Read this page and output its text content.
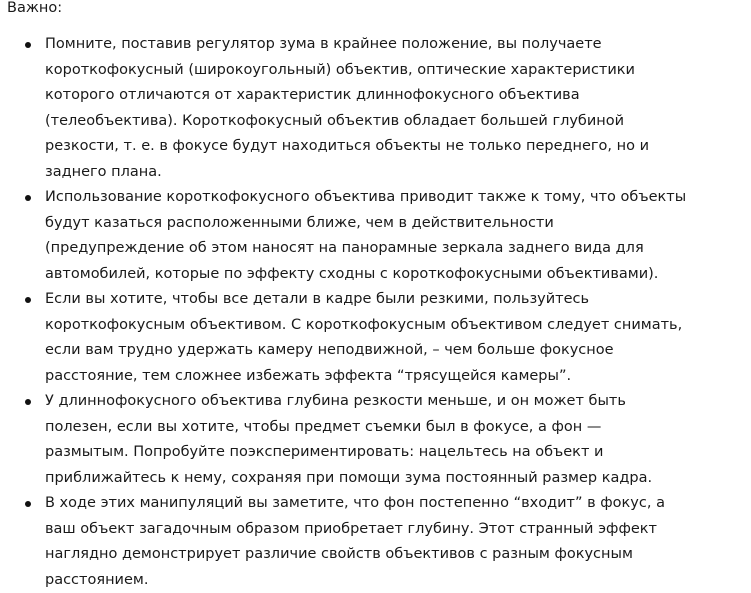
Важно:

Помните, поставив регулятор зума в крайнее положение, вы получаете короткофокусный (широкоугольный) объектив, оптические характеристики которого отличаются от характеристик длиннофокусного объектива (телеобъектива). Короткофокусный объектив обладает большей глубиной резкости, т. е. в фокусе будут находиться объекты не только переднего, но и заднего плана.
Использование короткофокусного объектива приводит также к тому, что объекты будут казаться расположенными ближе, чем в действительности (предупреждение об этом наносят на панорамные зеркала заднего вида для автомобилей, которые по эффекту сходны с короткофокусными объективами).
Если вы хотите, чтобы все детали в кадре были резкими, пользуйтесь короткофокусным объективом. С короткофокусным объективом следует снимать, если вам трудно удержать камеру неподвижной, – чем больше фокусное расстояние, тем сложнее избежать эффекта “трясущейся камеры”.
У длиннофокусного объектива глубина резкости меньше, и он может быть полезен, если вы хотите, чтобы предмет съемки был в фокусе, а фон — размытым. Попробуйте поэкспериментировать: нацельтесь на объект и приближайтесь к нему, сохраняя при помощи зума постоянный размер кадра.
В ходе этих манипуляций вы заметите, что фон постепенно “входит” в фокус, а ваш объект загадочным образом приобретает глубину. Этот странный эффект наглядно демонстрирует различие свойств объективов с разным фокусным расстоянием.
